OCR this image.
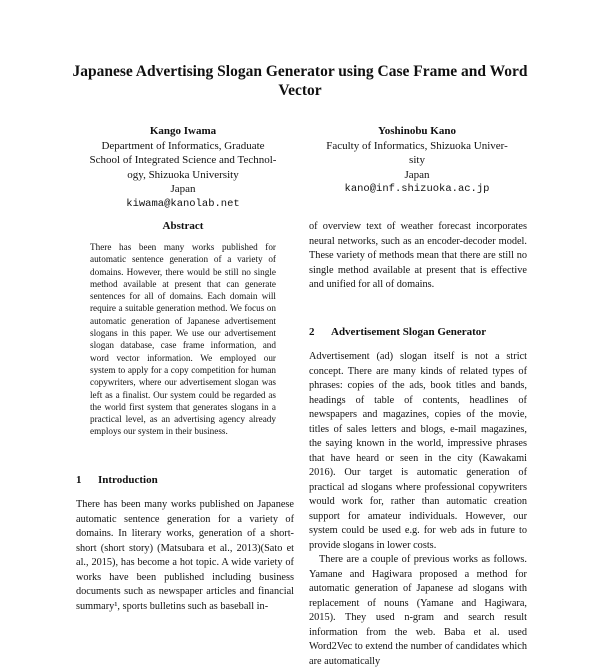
Japanese Advertising Slogan Generator using Case Frame and Word Vector
Kango Iwama
Department of Informatics, Graduate
School of Integrated Science and Technol-
ogy, Shizuoka University
Japan
kiwama@kanolab.net
Yoshinobu Kano
Faculty of Informatics, Shizuoka Univer-
sity
Japan
kano@inf.shizuoka.ac.jp
Abstract
There has been many works published for automatic sentence generation of a variety of domains. However, there would be still no single method available at present that can generate sentences for all of domains. Each domain will require a suitable generation method. We focus on automatic generation of Japanese advertisement slogans in this paper. We use our advertisement slogan database, case frame information, and word vector information. We employed our system to apply for a copy competition for human copywriters, where our advertisement slogan was left as a finalist. Our system could be regarded as the world first system that generates slogans in a practical level, as an advertising agency already employs our system in their business.
1 Introduction

There has been many works published on Japanese automatic sentence generation for a variety of domains. In literary works, generation of a short-short (short story) (Matsubara et al., 2013)(Sato et al., 2015), has become a hot topic. A wide variety of works have been published including business documents such as newspaper articles and financial summary¹, sports bulletins such as baseball in-

of overview text of weather forecast incorporates neural networks, such as an encoder-decoder model. These variety of methods mean that there are still no single method available at present that is effective and unified for all of domains.

2 Advertisement Slogan Generator

Advertisement (ad) slogan itself is not a strict concept. There are many kinds of related types of phrases: copies of the ads, book titles and bands, headings of table of contents, headlines of newspapers and magazines, copies of the movie, titles of sales letters and blogs, e-mail magazines, the saying known in the world, impressive phrases that have heard or seen in the city (Kawakami 2016). Our target is automatic generation of practical ad slogans where professional copywriters would work for, rather than automatic creation support for amateur individuals. However, our system could be used e.g. for web ads in future to provide slogans in lower costs.

There are a couple of previous works as follows. Yamane and Hagiwara proposed a method for automatic generation of Japanese ad slogans with replacement of nouns (Yamane and Hagiwara, 2015). They used n-gram and search result information from the web. Baba et al. used Word2Vec to extend the number of candidates which are automatically
